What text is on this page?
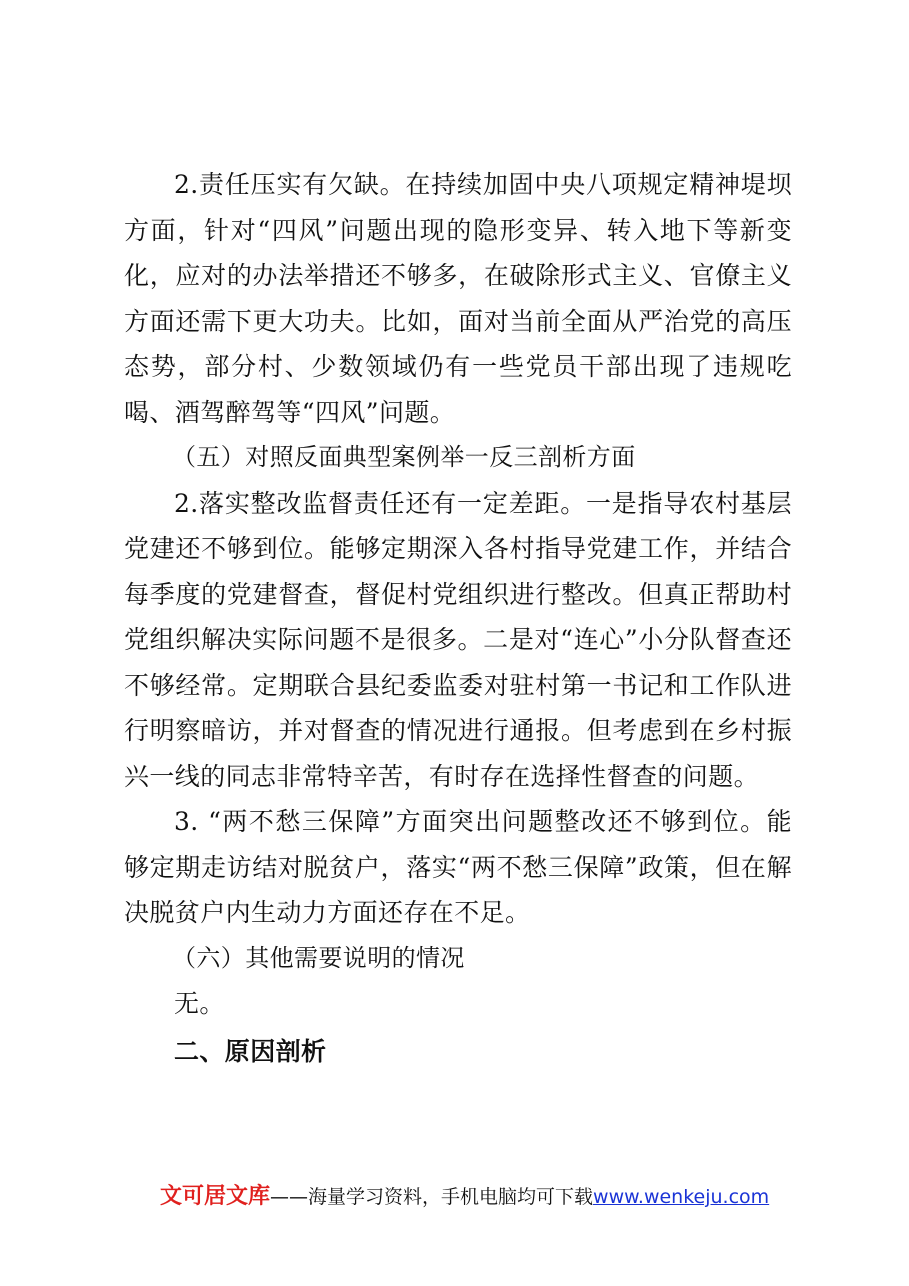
2.责任压实有欠缺。在持续加固中央八项规定精神堤坝方面，针对“四风”问题出现的隐形变异、转入地下等新变化，应对的办法举措还不够多，在破除形式主义、官僚主义方面还需下更大功夫。比如，面对当前全面从严治党的高压态势，部分村、少数领域仍有一些党员干部出现了违规吃喝、酒驾醉驾等“四风”问题。

（五）对照反面典型案例举一反三剖析方面

2.落实整改监督责任还有一定差距。一是指导农村基层党建还不够到位。能够定期深入各村指导党建工作，并结合每季度的党建督查，督促村党组织进行整改。但真正帮助村党组织解决实际问题不是很多。二是对“连心”小分队督查还不够经常。定期联合县纪委监委对驻村第一书记和工作队进行明察暗访，并对督查的情况进行通报。但考虑到在乡村振兴一线的同志非常特辛苦，有时存在选择性督查的问题。

3. “两不愁三保障”方面突出问题整改还不够到位。能够定期走访结对脱贫户，落实“两不愁三保障”政策，但在解决脱贫户内生动力方面还存在不足。

（六）其他需要说明的情况

无。

二、原因剖析

文可居文库——海量学习资料，手机电脑均可下载www.wenkeju.com
